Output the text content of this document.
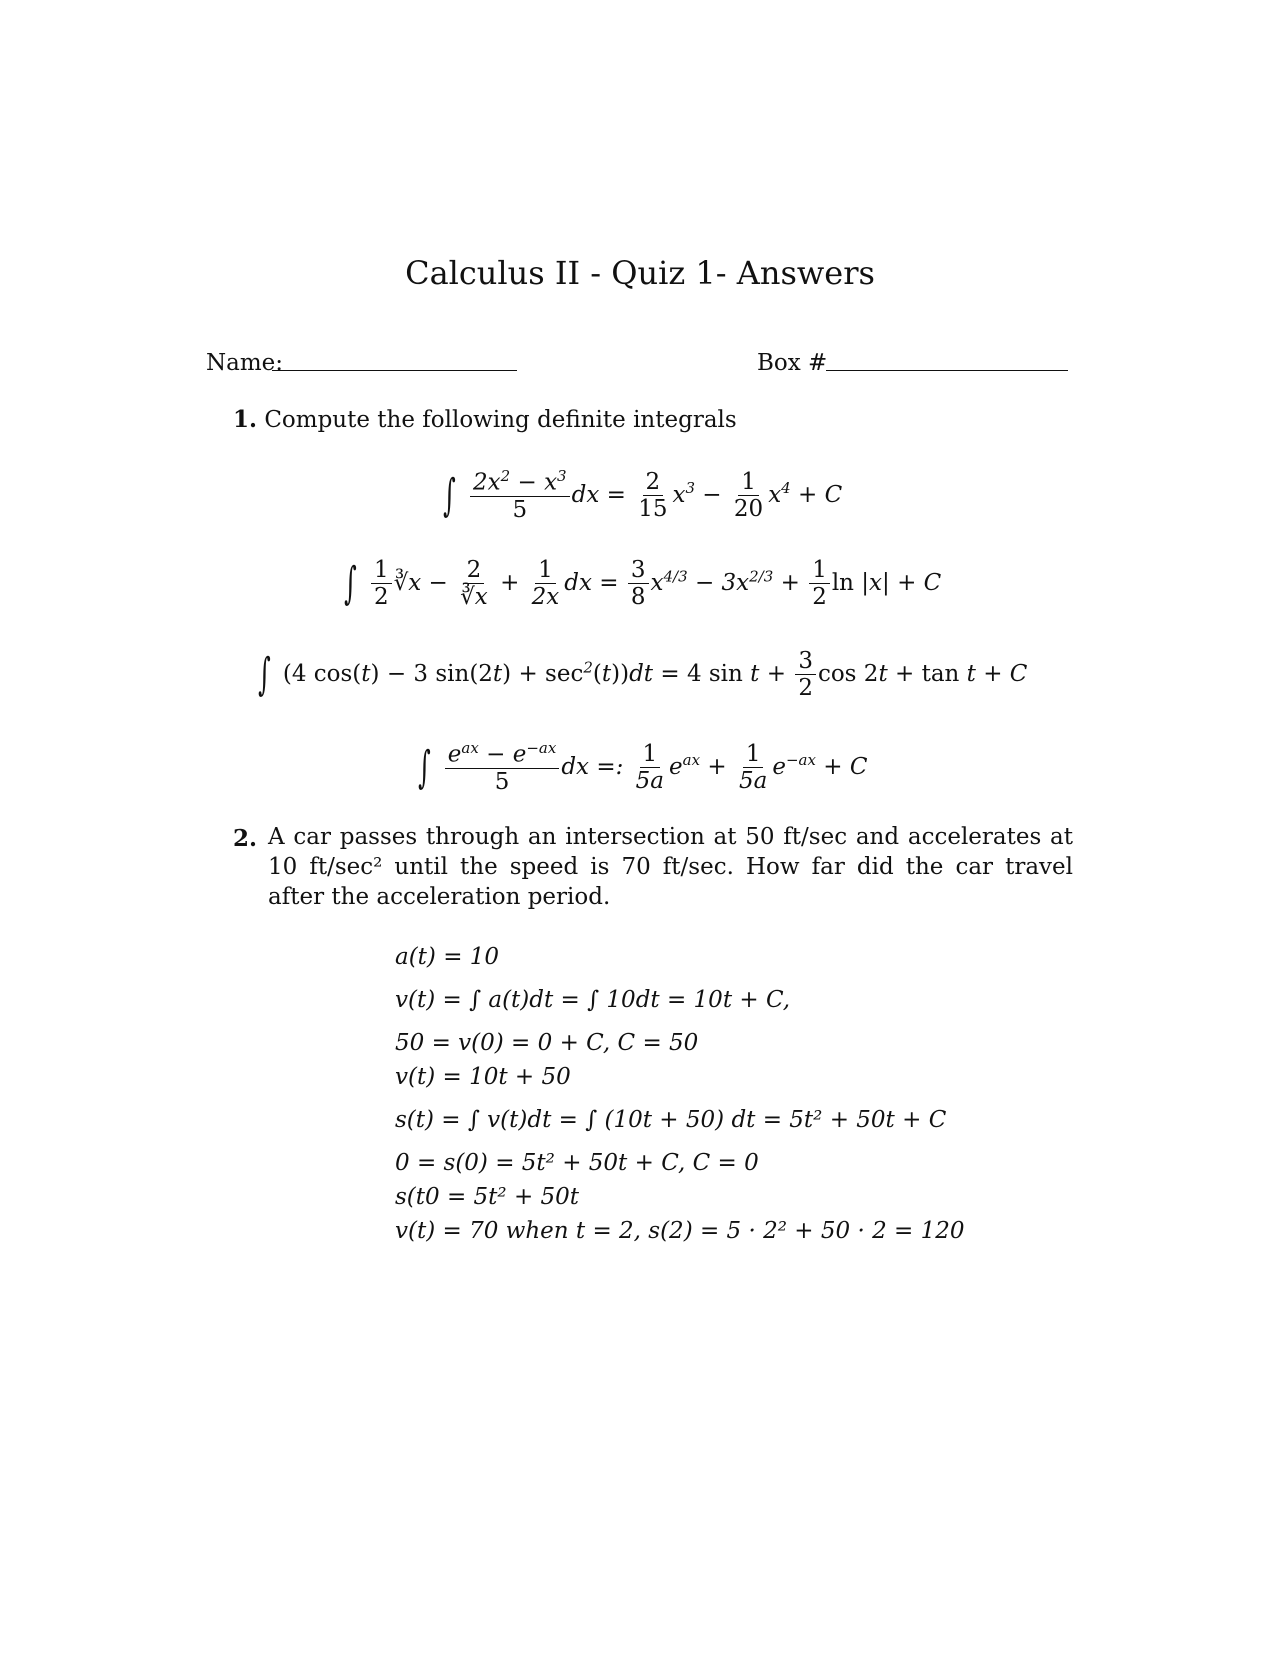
Calculus II - Quiz 1- Answers
Name:	Box #
1. Compute the following definite integrals
∫ $\frac{2x^2 - x^3}{5}$ dx = $\frac{2}{15} x^3 - \frac{1}{20} x^4 + C$
∫ $\frac{1}{2}$ ∛x − $\frac{2}{∛x} + \frac{1}{2x}$ dx = $\frac{3}{8} x^{4/3} - 3x^{2/3} + \frac{1}{2}$ ln |x| + C
∫ (4 cos(t) − 3 $\sin(2t) + \sec^2(t))dt = 4$ $\sin t + \frac{3}{2}$ cos 2t + tan t + C
∫ $\frac{e^{ax} - e^{-ax}}{5}$ dx =: $\frac{1}{5a} e^{ax} + \frac{1}{5a} e^{-ax} + C$
2. A car passes through an intersection at 50 ft/sec and accelerates at 10 ft/sec² until the speed is 70 ft/sec. How far did the car travel after the acceleration period.
a(t) = 10
v(t) = ∫ a(t)dt = ∫ 10dt = 10t + C,
50 = v(0) = 0 + C, C = 50
v(t) = 10t + 50
s(t) = ∫ v(t)dt = ∫ (10t + 50) dt = 5t² + 50t + C
0 = s(0) = 5t² + 50t + C, C = 0
s(t0 = 5t² + 50t
v(t) = 70 when t = 2, s(2) = 5 · 2² + 50 · 2 = 120
